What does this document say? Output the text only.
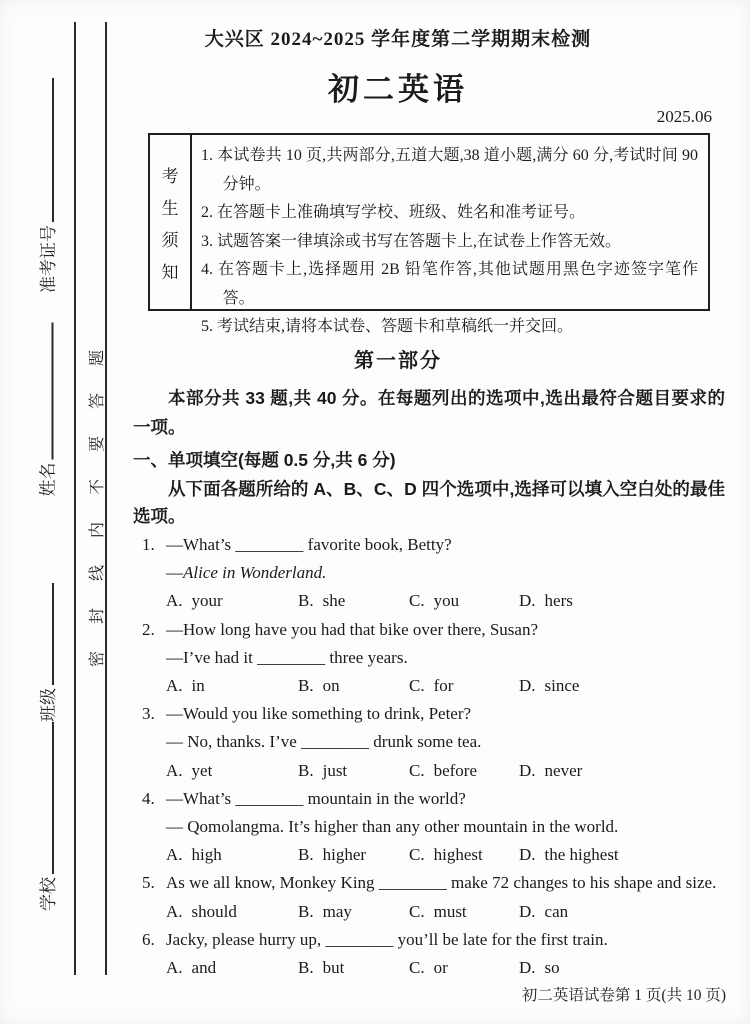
密封线内不要答题
准考证号
姓名
班级
学校
大兴区 2024~2025 学年度第二学期期末检测
初二英语
2025.06
考
生
须
知
1. 本试卷共 10 页,共两部分,五道大题,38 道小题,满分 60 分,考试时间 90 分钟。
2. 在答题卡上准确填写学校、班级、姓名和准考证号。
3. 试题答案一律填涂或书写在答题卡上,在试卷上作答无效。
4. 在答题卡上,选择题用 2B 铅笔作答,其他试题用黑色字迹签字笔作答。
5. 考试结束,请将本试卷、答题卡和草稿纸一并交回。
第一部分
本部分共 33 题,共 40 分。在每题列出的选项中,选出最符合题目要求的一项。
一、单项填空(每题 0.5 分,共 6 分)
从下面各题所给的 A、B、C、D 四个选项中,选择可以填入空白处的最佳选项。
1. —What’s ________ favorite book, Betty?
—Alice in Wonderland.
A. your	B. she	C. you	D. hers
2. —How long have you had that bike over there, Susan?
—I’ve had it ________ three years.
A. in	B. on	C. for	D. since
3. —Would you like something to drink, Peter?
— No, thanks. I’ve ________ drunk some tea.
A. yet	B. just	C. before	D. never
4. —What’s ________ mountain in the world?
— Qomolangma. It’s higher than any other mountain in the world.
A. high	B. higher	C. highest	D. the highest
5. As we all know, Monkey King ________ make 72 changes to his shape and size.
A. should	B. may	C. must	D. can
6. Jacky, please hurry up, ________ you’ll be late for the first train.
A. and	B. but	C. or	D. so
初二英语试卷第 1 页(共 10 页)
